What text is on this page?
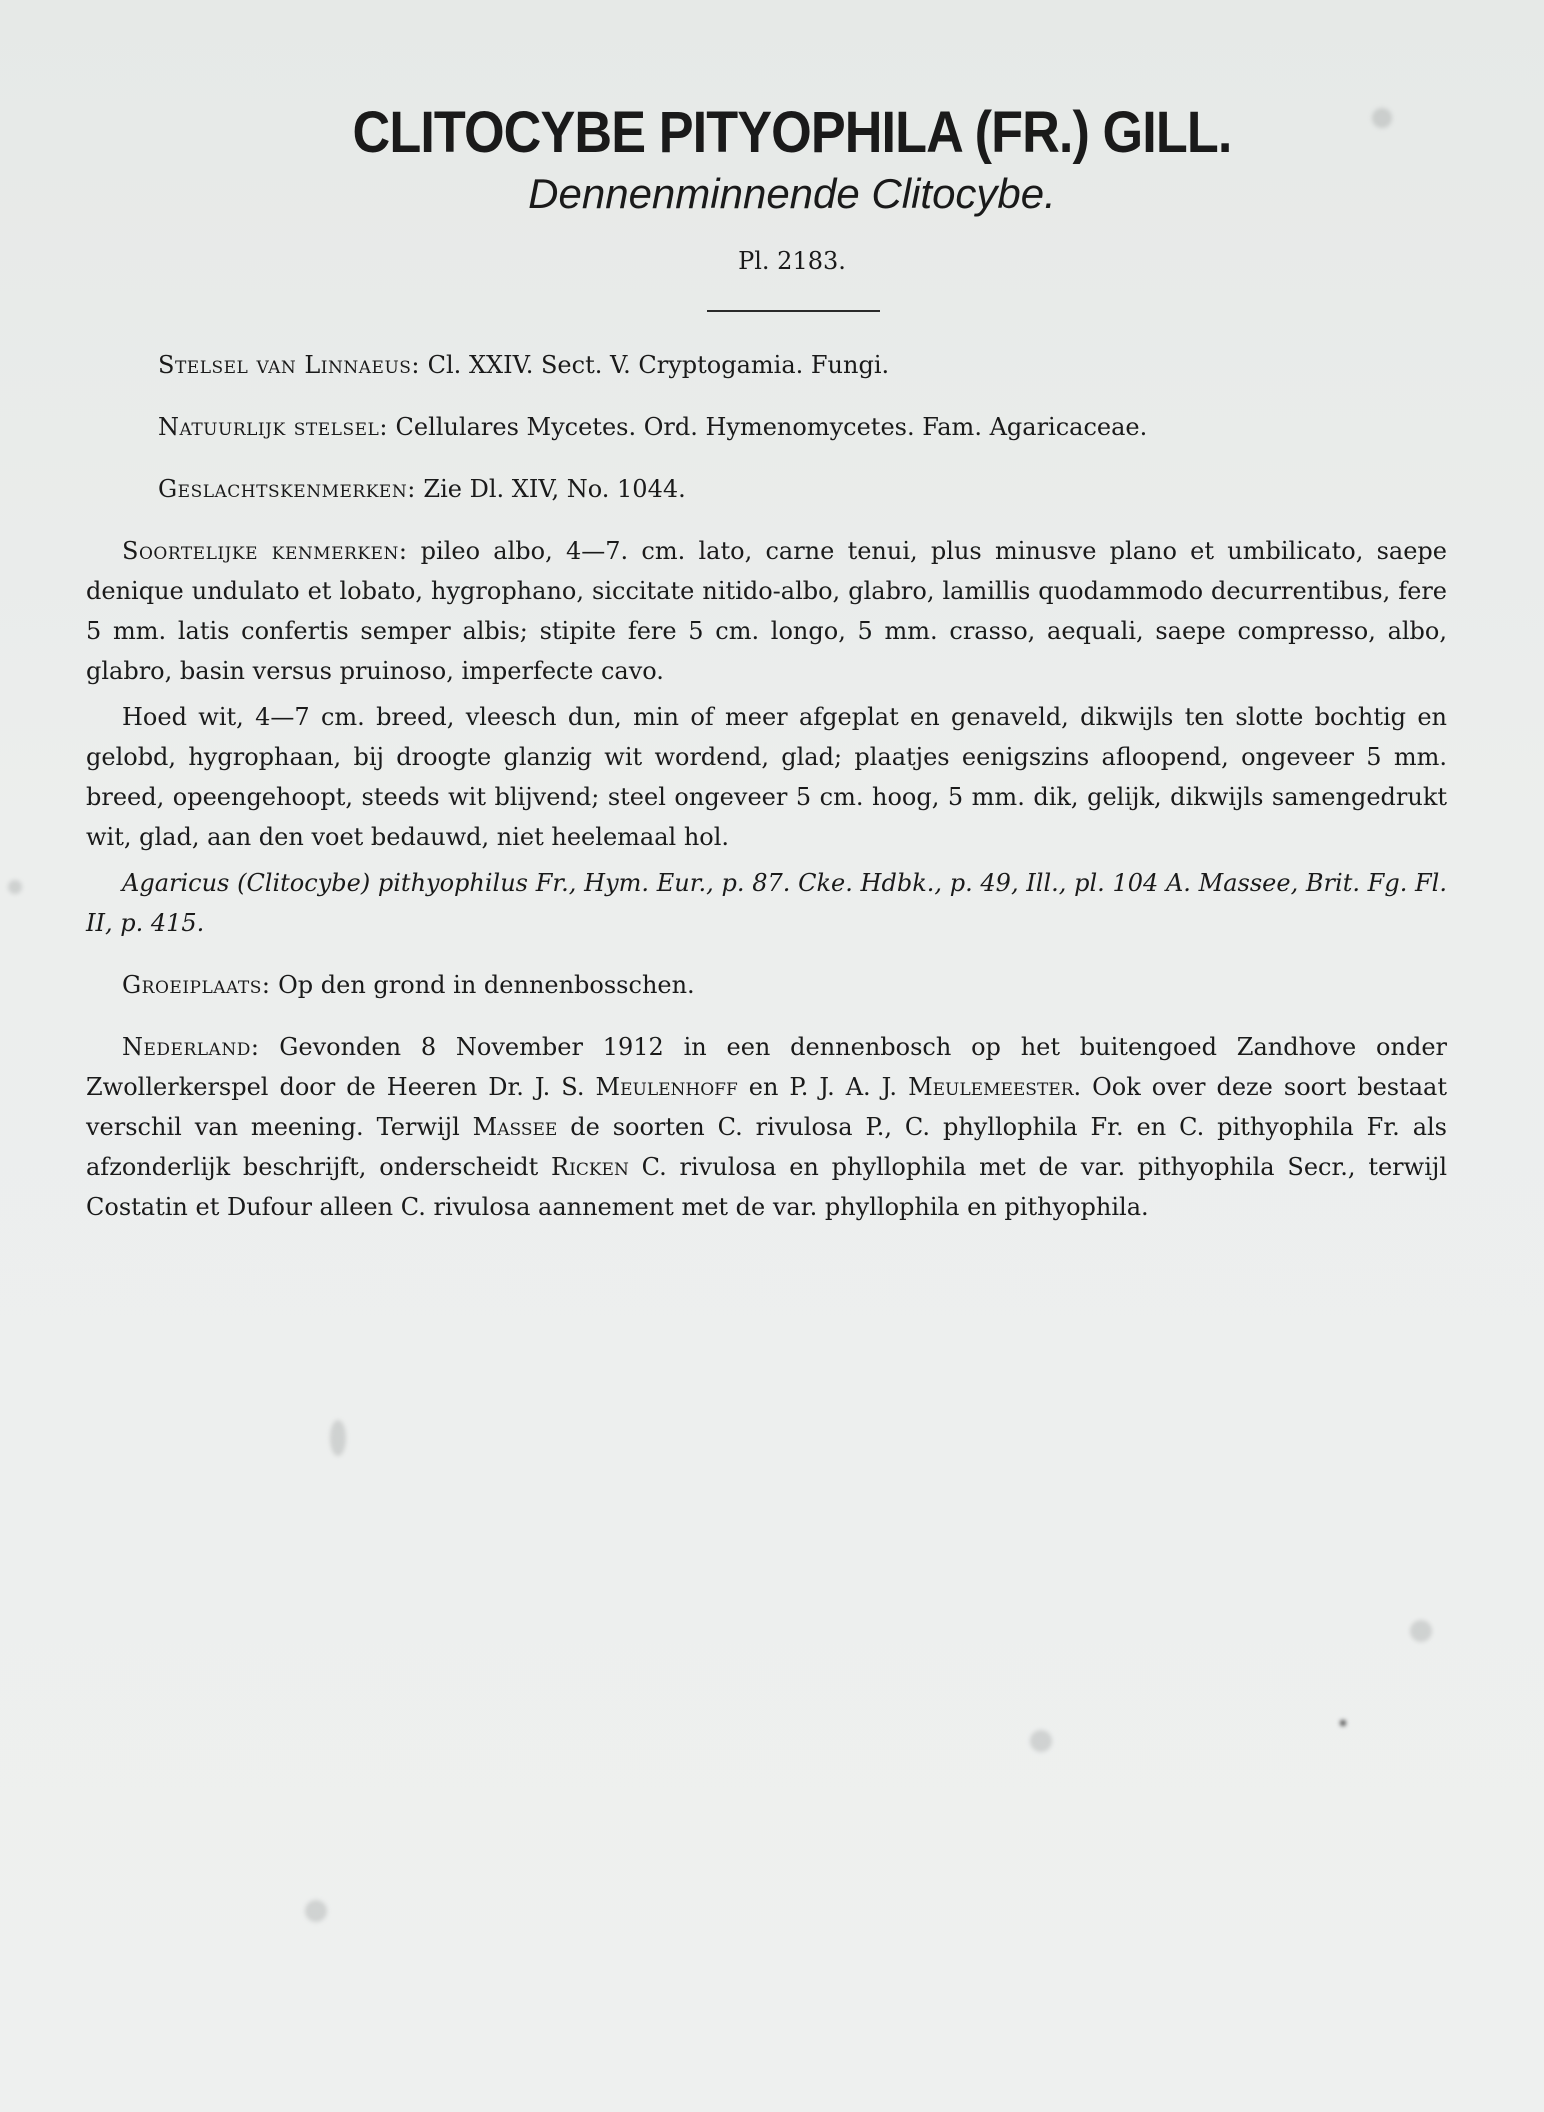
CLITOCYBE PITYOPHILA (FR.) GILL.
Dennenminnende Clitocybe.
Pl. 2183.

Stelsel van Linnaeus: Cl. XXIV. Sect. V. Cryptogamia. Fungi.

Natuurlijk stelsel: Cellulares Mycetes. Ord. Hymenomycetes. Fam. Agaricaceae.

Geslachtskenmerken: Zie Dl. XIV, No. 1044.

Soortelijke kenmerken: pileo albo, 4—7. cm. lato, carne tenui, plus minusve plano et umbilicato, saepe denique undulato et lobato, hygrophano, siccitate nitido-albo, glabro, lamillis quodammodo decurrentibus, fere 5 mm. latis confertis semper albis; stipite fere 5 cm. longo, 5 mm. crasso, aequali, saepe compresso, albo, glabro, basin versus pruinoso, imperfecte cavo.

Hoed wit, 4—7 cm. breed, vleesch dun, min of meer afgeplat en genaveld, dikwijls ten slotte bochtig en gelobd, hygrophaan, bij droogte glanzig wit wordend, glad; plaatjes eenigszins afloopend, ongeveer 5 mm. breed, opeengehoopt, steeds wit blijvend; steel ongeveer 5 cm. hoog, 5 mm. dik, gelijk, dikwijls samengedrukt wit, glad, aan den voet bedauwd, niet heelemaal hol.

Agaricus (Clitocybe) pithyophilus Fr., Hym. Eur., p. 87. Cke. Hdbk., p. 49, Ill., pl. 104 A. Massee, Brit. Fg. Fl. II, p. 415.

Groeiplaats: Op den grond in dennenbosschen.

Nederland: Gevonden 8 November 1912 in een dennenbosch op het buitengoed Zandhove onder Zwollerkerspel door de Heeren Dr. J. S. Meulenhoff en P. J. A. J. Meulemeester. Ook over deze soort bestaat verschil van meening. Terwijl Massee de soorten C. rivulosa P., C. phyllophila Fr. en C. pithyophila Fr. als afzonderlijk beschrijft, onderscheidt Ricken C. rivulosa en phyllophila met de var. pithyophila Secr., terwijl Costatin et Dufour alleen C. rivulosa aannement met de var. phyllophila en pithyophila.
